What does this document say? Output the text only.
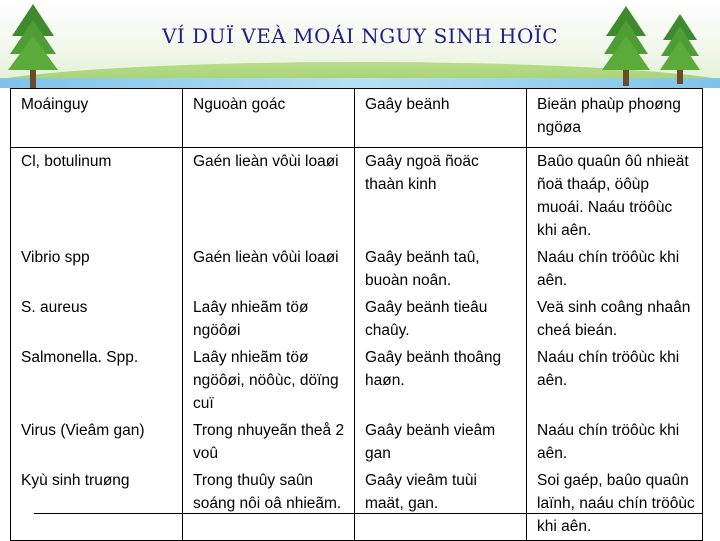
VÍ DUÏ VEÀ MOÁI NGUY SINH HOÏC
Moáinguy	Nguoàn goác	Gaây beänh	Bieän phaùp phoøng ngöøa
Cl, botulinum	Gaén lieàn vôùi loaøi	Gaây ngoä ñoäc thaàn kinh	Baûo quaûn ôû nhieät ñoä thaáp, öôùp muoái. Naáu tröôùc khi aên.
Vibrio spp	Gaén lieàn vôùi loaøi	Gaây beänh taû, buoàn noân.	Naáu chín tröôùc khi aên.
S. aureus	Laây nhieãm töø ngöôøi	Gaây beänh tieâu chaûy.	Veä sinh coâng nhaân cheá bieán.
Salmonella. Spp.	Laây nhieãm töø ngöôøi, nöôùc, döïng cuï	Gaây beänh thoâng haøn.	Naáu chín tröôùc khi aên.
Virus (Vieâm gan)	Trong nhuyeãn theå 2 voû	Gaây beänh vieâm gan	Naáu chín tröôùc khi aên.
Kyù sinh truøng	Trong thuûy saûn soáng nôi oâ nhieãm.	Gaây vieâm tuùi maät, gan.	Soi gaép, baûo quaûn laïnh, naáu chín tröôùc khi aên.
